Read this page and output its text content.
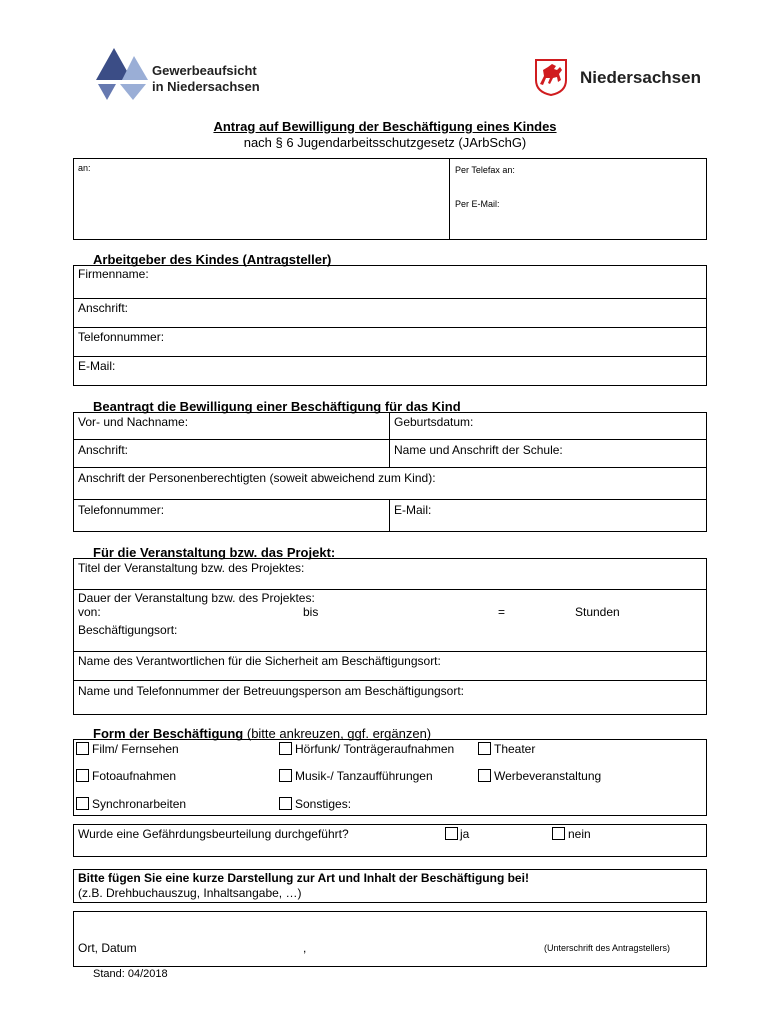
Gewerbeaufsicht
in Niedersachsen	Niedersachsen
Antrag auf Bewilligung der Beschäftigung eines Kindes
nach § 6 Jugendarbeitsschutzgesetz (JArbSchG)
an:	Per Telefax an:
Per E-Mail:
Arbeitgeber des Kindes (Antragsteller)
Firmenname:
Anschrift:
Telefonnummer:
E-Mail:
Beantragt die Bewilligung einer Beschäftigung für das Kind
Vor- und Nachname:	Geburtsdatum:
Anschrift:	Name und Anschrift der Schule:
Anschrift der Personenberechtigten (soweit abweichend zum Kind):
Telefonnummer:	E-Mail:
Für die Veranstaltung bzw. das Projekt:
Titel der Veranstaltung bzw. des Projektes:
Dauer der Veranstaltung bzw. des Projektes:
von:	bis	=	Stunden
Beschäftigungsort:
Name des Verantwortlichen für die Sicherheit am Beschäftigungsort:
Name und Telefonnummer der Betreuungsperson am Beschäftigungsort:
Form der Beschäftigung (bitte ankreuzen, ggf. ergänzen)
Film/ Fernsehen	Hörfunk/ Tonträgeraufnahmen	Theater
Fotoaufnahmen	Musik-/ Tanzaufführungen	Werbeveranstaltung
Synchronarbeiten	Sonstiges:
Wurde eine Gefährdungsbeurteilung durchgeführt?	ja	nein
Bitte fügen Sie eine kurze Darstellung zur Art und Inhalt der Beschäftigung bei!
(z.B. Drehbuchauszug, Inhaltsangabe, …)
Ort, Datum	,	(Unterschrift des Antragstellers)
Stand: 04/2018
